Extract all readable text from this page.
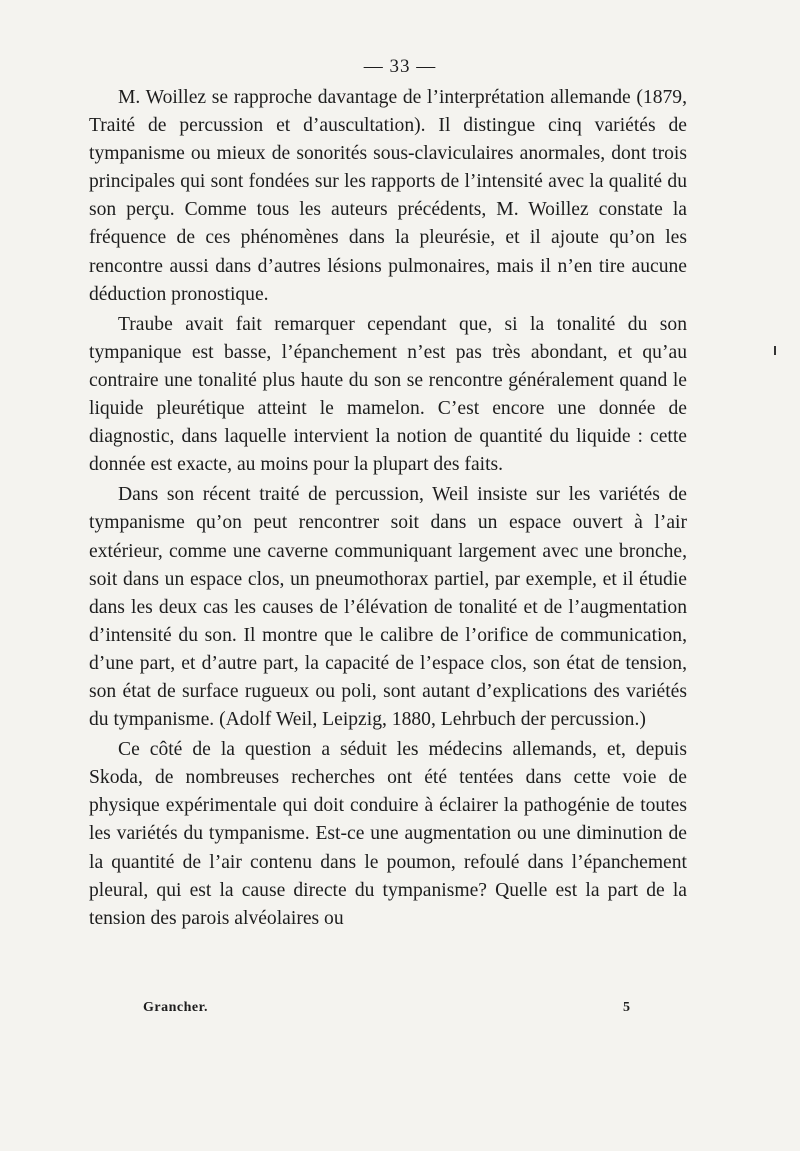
— 33 —

M. Woillez se rapproche davantage de l’interprétation allemande (1879, Traité de percussion et d’auscultation). Il distingue cinq variétés de tympanisme ou mieux de sonorités sous-claviculaires anormales, dont trois principales qui sont fondées sur les rapports de l’intensité avec la qualité du son perçu. Comme tous les auteurs précédents, M. Woillez constate la fréquence de ces phénomènes dans la pleurésie, et il ajoute qu’on les rencontre aussi dans d’autres lésions pulmonaires, mais il n’en tire aucune déduction pronostique.

Traube avait fait remarquer cependant que, si la tonalité du son tympanique est basse, l’épanchement n’est pas très abondant, et qu’au contraire une tonalité plus haute du son se rencontre généralement quand le liquide pleurétique atteint le mamelon. C’est encore une donnée de diagnostic, dans laquelle intervient la notion de quantité du liquide : cette donnée est exacte, au moins pour la plupart des faits.

Dans son récent traité de percussion, Weil insiste sur les variétés de tympanisme qu’on peut rencontrer soit dans un espace ouvert à l’air extérieur, comme une caverne communiquant largement avec une bronche, soit dans un espace clos, un pneumothorax partiel, par exemple, et il étudie dans les deux cas les causes de l’élévation de tonalité et de l’augmentation d’intensité du son. Il montre que le calibre de l’orifice de communication, d’une part, et d’autre part, la capacité de l’espace clos, son état de tension, son état de surface rugueux ou poli, sont autant d’explications des variétés du tympanisme. (Adolf Weil, Leipzig, 1880, Lehrbuch der percussion.)

Ce côté de la question a séduit les médecins allemands, et, depuis Skoda, de nombreuses recherches ont été tentées dans cette voie de physique expérimentale qui doit conduire à éclairer la pathogénie de toutes les variétés du tympanisme. Est-ce une augmentation ou une diminution de la quantité de l’air contenu dans le poumon, refoulé dans l’épanchement pleural, qui est la cause directe du tympanisme? Quelle est la part de la tension des parois alvéolaires ou

Grancher.	5
